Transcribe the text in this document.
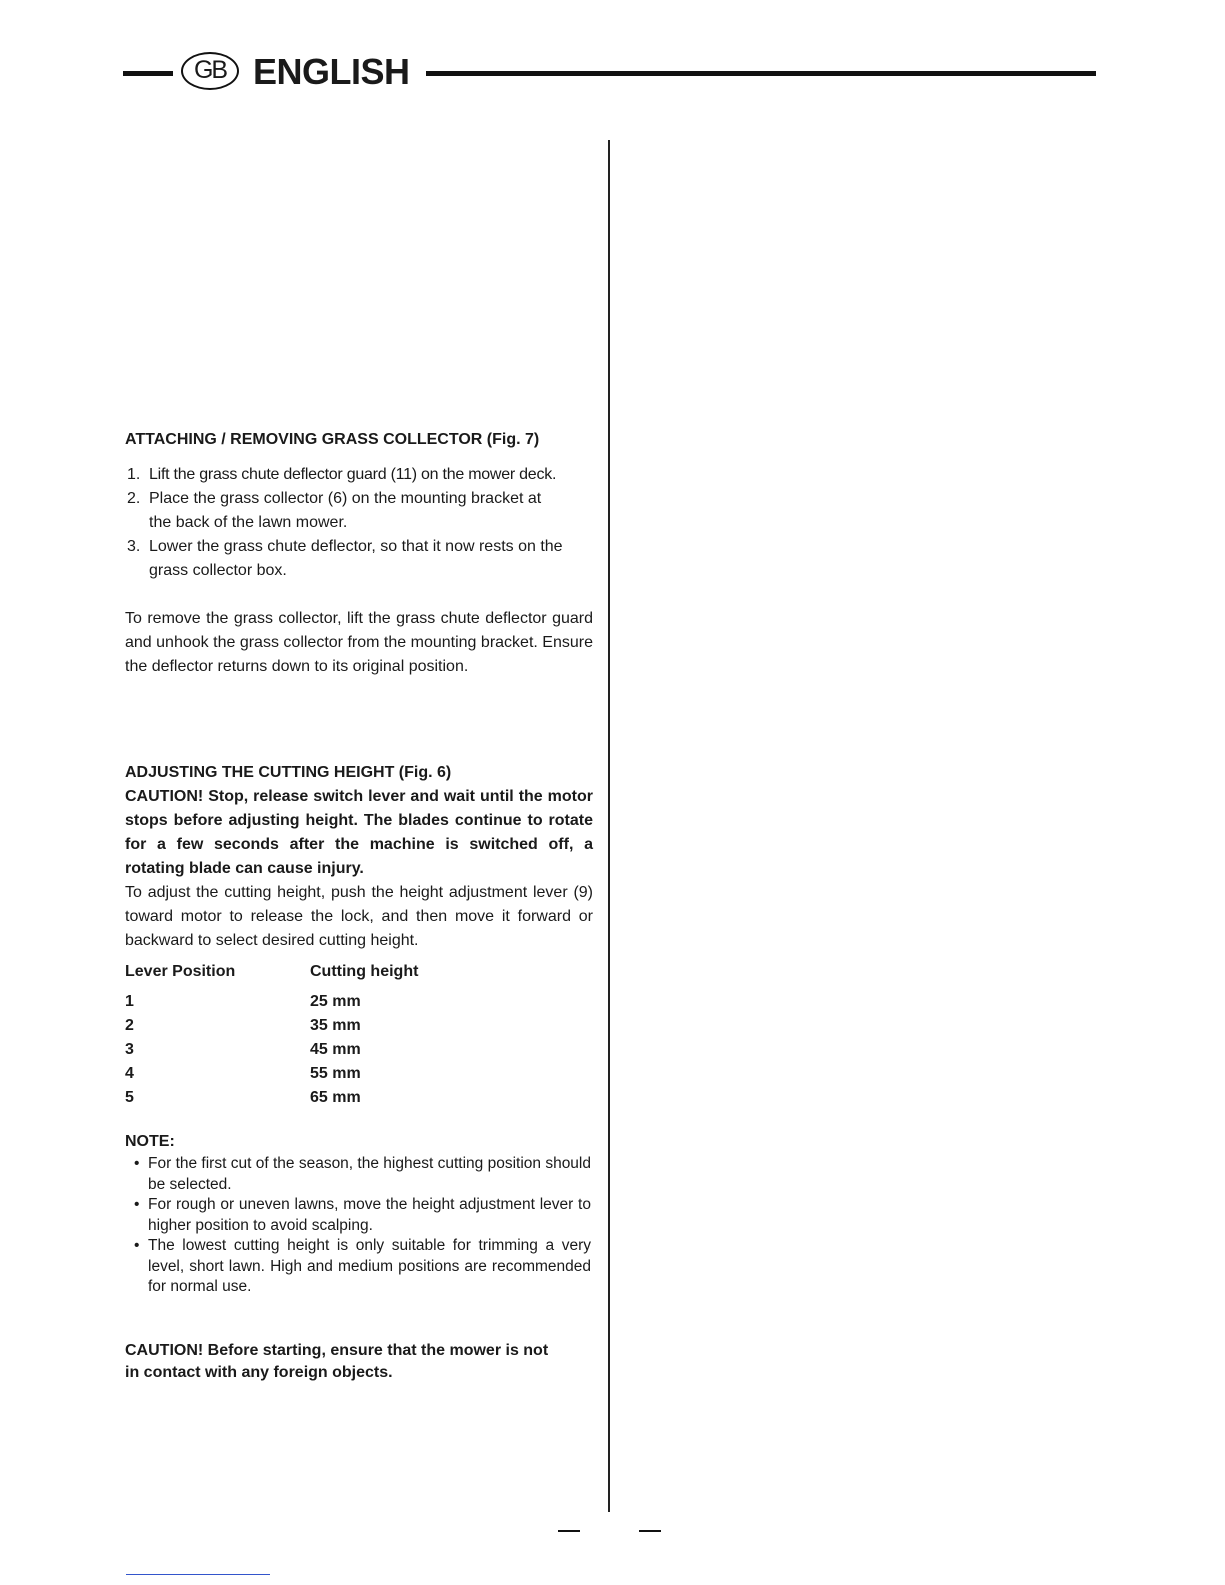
GB ENGLISH

ATTACHING / REMOVING GRASS COLLECTOR (Fig. 7)

1. Lift the grass chute deflector guard (11) on the mower deck.
2. Place the grass collector (6) on the mounting bracket at the back of the lawn mower.
3. Lower the grass chute deflector, so that it now rests on the grass collector box.

To remove the grass collector, lift the grass chute deflector guard and unhook the grass collector from the mounting bracket. Ensure the deflector returns down to its original position.

ADJUSTING THE CUTTING HEIGHT (Fig. 6)

CAUTION! Stop, release switch lever and wait until the motor stops before adjusting height. The blades continue to rotate for a few seconds after the machine is switched off, a rotating blade can cause injury.

To adjust the cutting height, push the height adjustment lever (9) toward motor to release the lock, and then move it forward or backward to select desired cutting height.

Lever Position	Cutting height
1	25 mm
2	35 mm
3	45 mm
4	55 mm
5	65 mm

NOTE:

• For the first cut of the season, the highest cutting position should be selected.
• For rough or uneven lawns, move the height adjustment lever to higher position to avoid scalping.
• The lowest cutting height is only suitable for trimming a very level, short lawn. High and medium positions are recommended for normal use.

CAUTION! Before starting, ensure that the mower is not in contact with any foreign objects.
